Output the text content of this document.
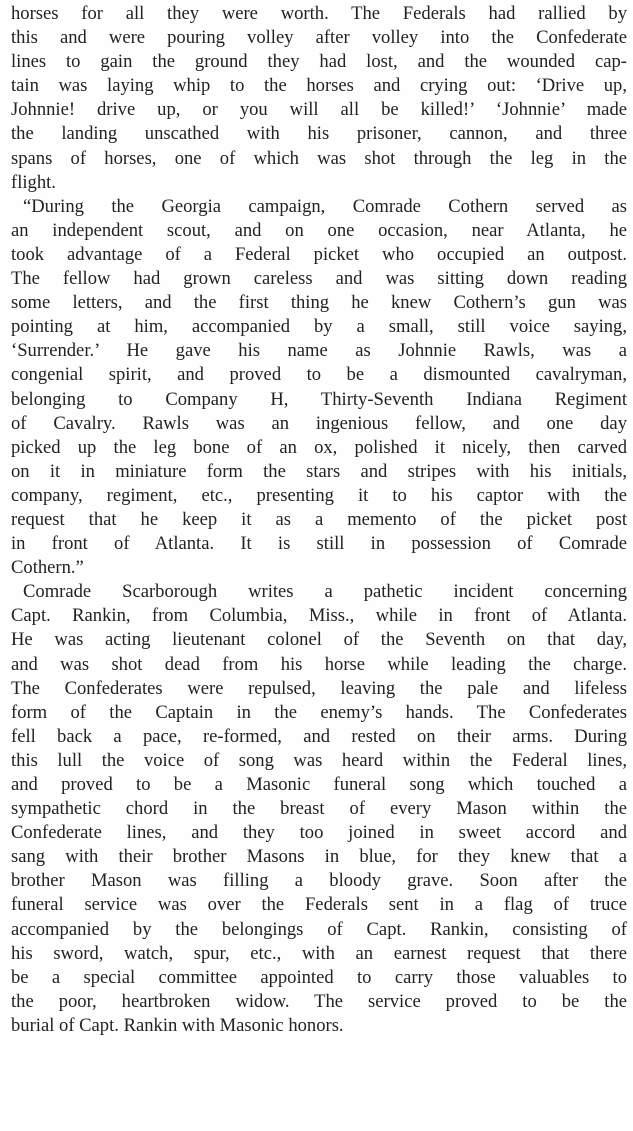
horses for all they were worth. The Federals had rallied by
this and were pouring volley after volley into the Confederate
lines to gain the ground they had lost, and the wounded cap-
tain was laying whip to the horses and crying out: ‘Drive up,
Johnnie! drive up, or you will all be killed!’ ‘Johnnie’ made
the landing unscathed with his prisoner, cannon, and three
spans of horses, one of which was shot through the leg in the
flight.
“During the Georgia campaign, Comrade Cothern served as
an independent scout, and on one occasion, near Atlanta, he
took advantage of a Federal picket who occupied an outpost.
The fellow had grown careless and was sitting down reading
some letters, and the first thing he knew Cothern’s gun was
pointing at him, accompanied by a small, still voice saying,
‘Surrender.’ He gave his name as Johnnie Rawls, was a
congenial spirit, and proved to be a dismounted cavalryman,
belonging to Company H, Thirty-Seventh Indiana Regiment
of Cavalry. Rawls was an ingenious fellow, and one day
picked up the leg bone of an ox, polished it nicely, then carved
on it in miniature form the stars and stripes with his initials,
company, regiment, etc., presenting it to his captor with the
request that he keep it as a memento of the picket post
in front of Atlanta. It is still in possession of Comrade
Cothern.”
Comrade Scarborough writes a pathetic incident concerning
Capt. Rankin, from Columbia, Miss., while in front of Atlanta.
He was acting lieutenant colonel of the Seventh on that day,
and was shot dead from his horse while leading the charge.
The Confederates were repulsed, leaving the pale and lifeless
form of the Captain in the enemy’s hands. The Confederates
fell back a pace, re-formed, and rested on their arms. During
this lull the voice of song was heard within the Federal lines,
and proved to be a Masonic funeral song which touched a
sympathetic chord in the breast of every Mason within the
Confederate lines, and they too joined in sweet accord and
sang with their brother Masons in blue, for they knew that a
brother Mason was filling a bloody grave. Soon after the
funeral service was over the Federals sent in a flag of truce
accompanied by the belongings of Capt. Rankin, consisting of
his sword, watch, spur, etc., with an earnest request that there
be a special committee appointed to carry those valuables to
the poor, heartbroken widow. The service proved to be the
burial of Capt. Rankin with Masonic honors.
